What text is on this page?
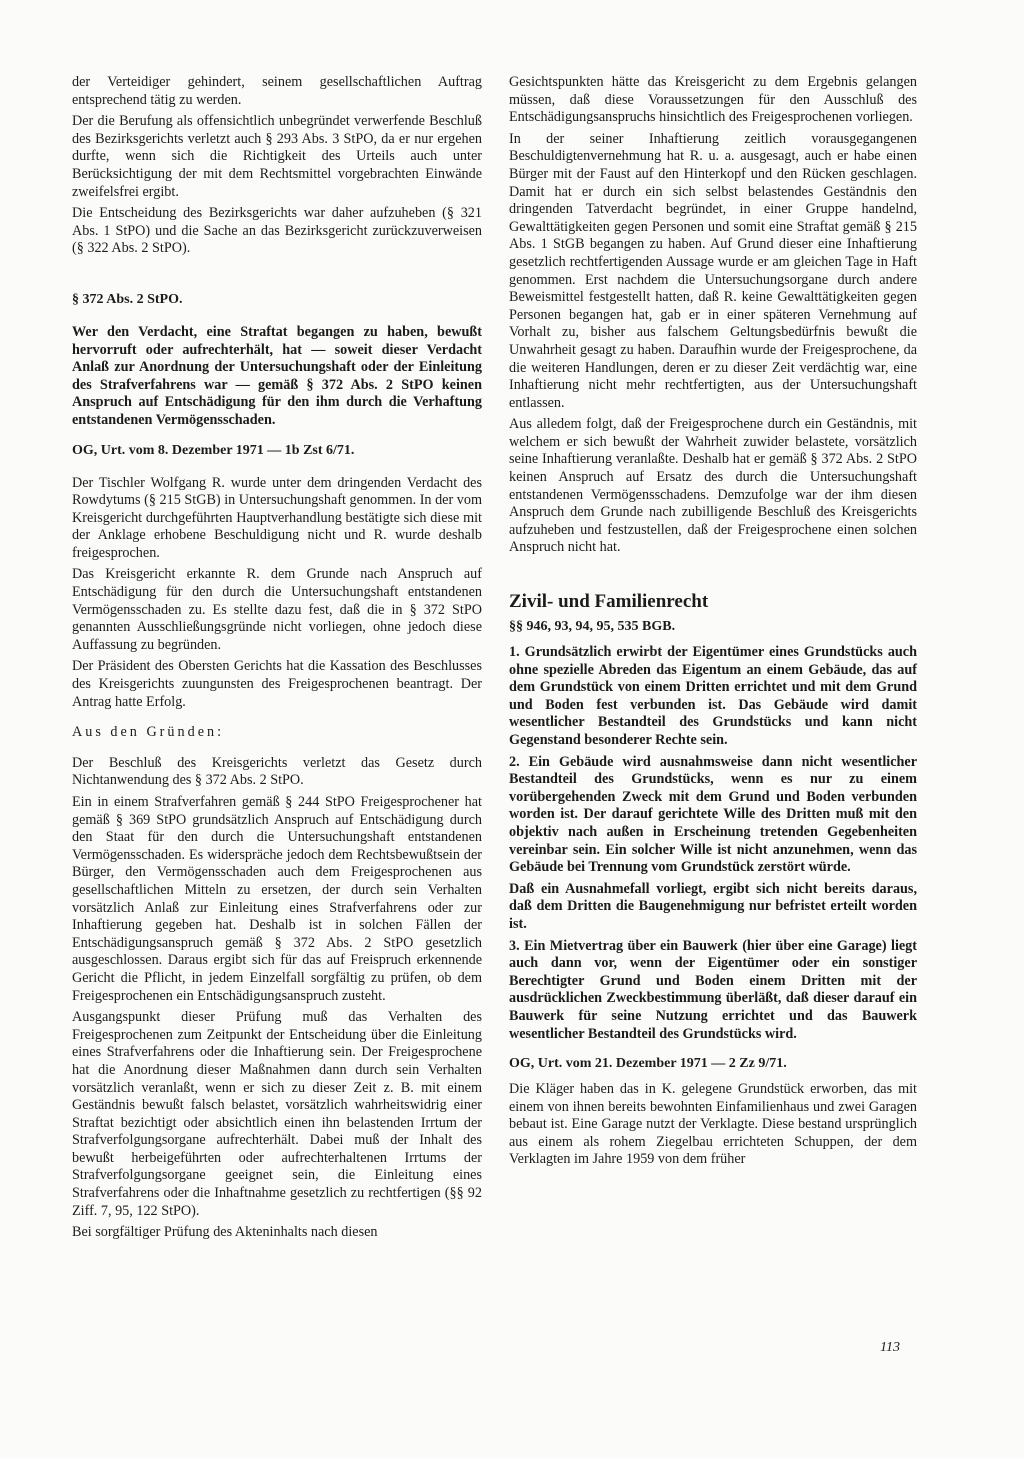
der Verteidiger gehindert, seinem gesellschaftlichen Auftrag entsprechend tätig zu werden.

Der die Berufung als offensichtlich unbegründet verwerfende Beschluß des Bezirksgerichts verletzt auch § 293 Abs. 3 StPO, da er nur ergehen durfte, wenn sich die Richtigkeit des Urteils auch unter Berücksichtigung der mit dem Rechtsmittel vorgebrachten Einwände zweifelsfrei ergibt.

Die Entscheidung des Bezirksgerichts war daher aufzuheben (§ 321 Abs. 1 StPO) und die Sache an das Bezirksgericht zurückzuverweisen (§ 322 Abs. 2 StPO).

§ 372 Abs. 2 StPO.

Wer den Verdacht, eine Straftat begangen zu haben, bewußt hervorruft oder aufrechterhält, hat — soweit dieser Verdacht Anlaß zur Anordnung der Untersuchungshaft oder der Einleitung des Strafverfahrens war — gemäß § 372 Abs. 2 StPO keinen Anspruch auf Entschädigung für den ihm durch die Verhaftung entstandenen Vermögensschaden.

OG, Urt. vom 8. Dezember 1971 — 1b Zst 6/71.

Der Tischler Wolfgang R. wurde unter dem dringenden Verdacht des Rowdytums (§ 215 StGB) in Untersuchungshaft genommen. In der vom Kreisgericht durchgeführten Hauptverhandlung bestätigte sich diese mit der Anklage erhobene Beschuldigung nicht und R. wurde deshalb freigesprochen.

Das Kreisgericht erkannte R. dem Grunde nach Anspruch auf Entschädigung für den durch die Untersuchungshaft entstandenen Vermögensschaden zu. Es stellte dazu fest, daß die in § 372 StPO genannten Ausschließungsgründe nicht vorliegen, ohne jedoch diese Auffassung zu begründen.

Der Präsident des Obersten Gerichts hat die Kassation des Beschlusses des Kreisgerichts zuungunsten des Freigesprochenen beantragt. Der Antrag hatte Erfolg.

Aus den Gründen:

Der Beschluß des Kreisgerichts verletzt das Gesetz durch Nichtanwendung des § 372 Abs. 2 StPO.

Ein in einem Strafverfahren gemäß § 244 StPO Freigesprochener hat gemäß § 369 StPO grundsätzlich Anspruch auf Entschädigung durch den Staat für den durch die Untersuchungshaft entstandenen Vermögensschaden. Es widerspräche jedoch dem Rechtsbewußtsein der Bürger, den Vermögensschaden auch dem Freigesprochenen aus gesellschaftlichen Mitteln zu ersetzen, der durch sein Verhalten vorsätzlich Anlaß zur Einleitung eines Strafverfahrens oder zur Inhaftierung gegeben hat. Deshalb ist in solchen Fällen der Entschädigungsanspruch gemäß § 372 Abs. 2 StPO gesetzlich ausgeschlossen. Daraus ergibt sich für das auf Freispruch erkennende Gericht die Pflicht, in jedem Einzelfall sorgfältig zu prüfen, ob dem Freigesprochenen ein Entschädigungsanspruch zusteht.

Ausgangspunkt dieser Prüfung muß das Verhalten des Freigesprochenen zum Zeitpunkt der Entscheidung über die Einleitung eines Strafverfahrens oder die Inhaftierung sein. Der Freigesprochene hat die Anordnung dieser Maßnahmen dann durch sein Verhalten vorsätzlich veranlaßt, wenn er sich zu dieser Zeit z. B. mit einem Geständnis bewußt falsch belastet, vorsätzlich wahrheitswidrig einer Straftat bezichtigt oder absichtlich einen ihn belastenden Irrtum der Strafverfolgungsorgane aufrechterhält. Dabei muß der Inhalt des bewußt herbeigeführten oder aufrechterhaltenen Irrtums der Strafverfolgungsorgane geeignet sein, die Einleitung eines Strafverfahrens oder die Inhaftnahme gesetzlich zu rechtfertigen (§§ 92 Ziff. 7, 95, 122 StPO).

Bei sorgfältiger Prüfung des Akteninhalts nach diesen

Gesichtspunkten hätte das Kreisgericht zu dem Ergebnis gelangen müssen, daß diese Voraussetzungen für den Ausschluß des Entschädigungsanspruchs hinsichtlich des Freigesprochenen vorliegen.

In der seiner Inhaftierung zeitlich vorausgegangenen Beschuldigtenvernehmung hat R. u. a. ausgesagt, auch er habe einen Bürger mit der Faust auf den Hinterkopf und den Rücken geschlagen. Damit hat er durch ein sich selbst belastendes Geständnis den dringenden Tatverdacht begründet, in einer Gruppe handelnd, Gewalttätigkeiten gegen Personen und somit eine Straftat gemäß § 215 Abs. 1 StGB begangen zu haben. Auf Grund dieser eine Inhaftierung gesetzlich rechtfertigenden Aussage wurde er am gleichen Tage in Haft genommen. Erst nachdem die Untersuchungsorgane durch andere Beweismittel festgestellt hatten, daß R. keine Gewalttätigkeiten gegen Personen begangen hat, gab er in einer späteren Vernehmung auf Vorhalt zu, bisher aus falschem Geltungsbedürfnis bewußt die Unwahrheit gesagt zu haben. Daraufhin wurde der Freigesprochene, da die weiteren Handlungen, deren er zu dieser Zeit verdächtig war, eine Inhaftierung nicht mehr rechtfertigten, aus der Untersuchungshaft entlassen.

Aus alledem folgt, daß der Freigesprochene durch ein Geständnis, mit welchem er sich bewußt der Wahrheit zuwider belastete, vorsätzlich seine Inhaftierung veranlaßte. Deshalb hat er gemäß § 372 Abs. 2 StPO keinen Anspruch auf Ersatz des durch die Untersuchungshaft entstandenen Vermögensschadens. Demzufolge war der ihm diesen Anspruch dem Grunde nach zubilligende Beschluß des Kreisgerichts aufzuheben und festzustellen, daß der Freigesprochene einen solchen Anspruch nicht hat.

Zivil- und Familienrecht

§§ 946, 93, 94, 95, 535 BGB.

1. Grundsätzlich erwirbt der Eigentümer eines Grundstücks auch ohne spezielle Abreden das Eigentum an einem Gebäude, das auf dem Grundstück von einem Dritten errichtet und mit dem Grund und Boden fest verbunden ist. Das Gebäude wird damit wesentlicher Bestandteil des Grundstücks und kann nicht Gegenstand besonderer Rechte sein.

2. Ein Gebäude wird ausnahmsweise dann nicht wesentlicher Bestandteil des Grundstücks, wenn es nur zu einem vorübergehenden Zweck mit dem Grund und Boden verbunden worden ist. Der darauf gerichtete Wille des Dritten muß mit den objektiv nach außen in Erscheinung tretenden Gegebenheiten vereinbar sein. Ein solcher Wille ist nicht anzunehmen, wenn das Gebäude bei Trennung vom Grundstück zerstört würde.

Daß ein Ausnahmefall vorliegt, ergibt sich nicht bereits daraus, daß dem Dritten die Baugenehmigung nur befristet erteilt worden ist.

3. Ein Mietvertrag über ein Bauwerk (hier über eine Garage) liegt auch dann vor, wenn der Eigentümer oder ein sonstiger Berechtigter Grund und Boden einem Dritten mit der ausdrücklichen Zweckbestimmung überläßt, daß dieser darauf ein Bauwerk für seine Nutzung errichtet und das Bauwerk wesentlicher Bestandteil des Grundstücks wird.

OG, Urt. vom 21. Dezember 1971 — 2 Zz 9/71.

Die Kläger haben das in K. gelegene Grundstück erworben, das mit einem von ihnen bereits bewohnten Einfamilienhaus und zwei Garagen bebaut ist. Eine Garage nutzt der Verklagte. Diese bestand ursprünglich aus einem als rohem Ziegelbau errichteten Schuppen, der dem Verklagten im Jahre 1959 von dem früher

113
